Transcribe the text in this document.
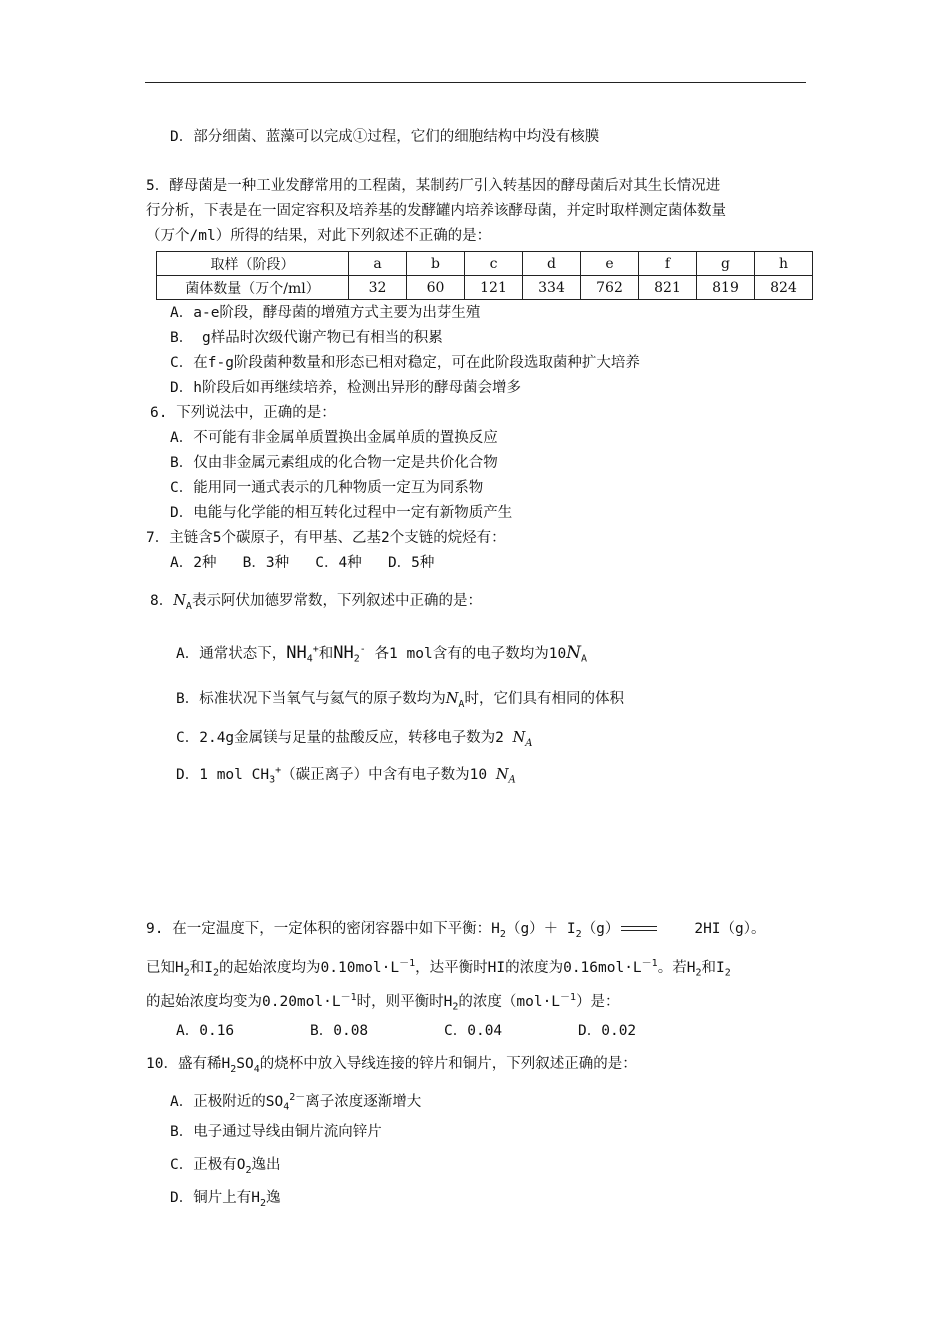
D．部分细菌、蓝藻可以完成①过程，它们的细胞结构中均没有核膜
5．酵母菌是一种工业发酵常用的工程菌，某制药厂引入转基因的酵母菌后对其生长情况进
行分析，下表是在一固定容积及培养基的发酵罐内培养该酵母菌，并定时取样测定菌体数量
（万个/ml）所得的结果，对此下列叙述不正确的是：
取样（阶段）	a	b	c	d	e	f	g	h
菌体数量（万个/ml）	32	60	121	334	762	821	819	824
A．a-e阶段，酵母菌的增殖方式主要为出芽生殖
B． g样品时次级代谢产物已有相当的积累
C．在f-g阶段菌种数量和形态已相对稳定，可在此阶段选取菌种扩大培养
D．h阶段后如再继续培养，检测出异形的酵母菌会增多
6. 下列说法中，正确的是：
A．不可能有非金属单质置换出金属单质的置换反应
B．仅由非金属元素组成的化合物一定是共价化合物
C．能用同一通式表示的几种物质一定互为同系物
D．电能与化学能的相互转化过程中一定有新物质产生
7．主链含5个碳原子，有甲基、乙基2个支链的烷烃有：
A．2种   B．3种   C．4种   D．5种
8．$N_A$表示阿伏加德罗常数，下列叙述中正确的是：
A．通常状态下，$NH_4^+$和$NH_2^-$ 各1 mol含有的电子数均为$10N_A$
B．标准状况下当氧气与氦气的原子数均为$N_A$时，它们具有相同的体积
C．2.4g金属镁与足量的盐酸反应，转移电子数为2 $N_A$
D．1 mol $CH_3^+$（碳正离子）中含有电子数为10 $N_A$
9. 在一定温度下，一定体积的密闭容器中如下平衡：$H_2(g)+ I_2(g)$	2HI（g）。
已知$H_2$和$I_2$的起始浓度均为$0.10mol\cdot L^{-1}$，达平衡时HI的浓度为$0.16mol\cdot L^{-1}$。若$H_2$和$I_2$
的起始浓度均变为$0.20mol\cdot L^{-1}$时，则平衡时$H_2$的浓度$(mol\cdot L^{-1})$是：
A．0.16	B．0.08	C．0.04	D．0.02
10．盛有稀$H_2SO_4$的烧杯中放入导线连接的锌片和铜片，下列叙述正确的是：
A．正极附近的$SO_4^{2-}$离子浓度逐渐增大
B．电子通过导线由铜片流向锌片
C．正极有$O_2$逸出
D．铜片上有$H_2$逸
